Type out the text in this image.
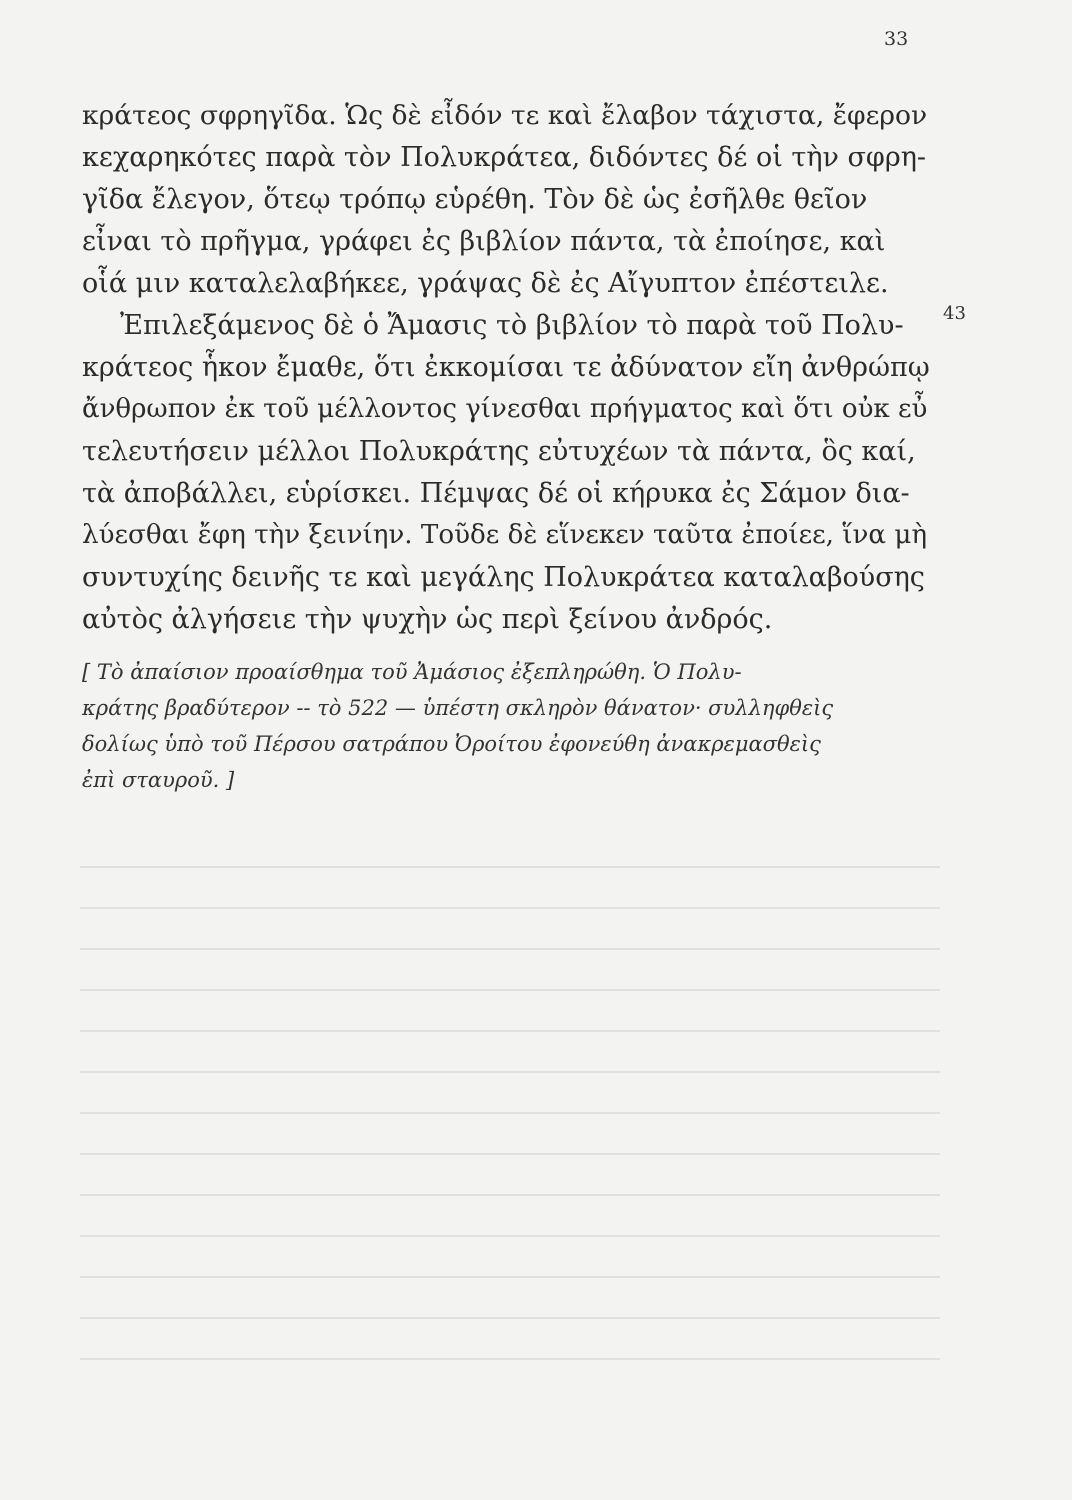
33
43
κράτεος σφρηγῖδα. Ὡς δὲ εἶδόν τε καὶ ἔλαβον τάχιστα, ἔφερον
κεχαρηκότες παρὰ τὸν Πολυκράτεα, διδόντες δέ οἱ τὴν σφρη-
γῖδα ἔλεγον, ὅτεῳ τρόπῳ εὑρέθη. Τὸν δὲ ὡς ἐσῆλθε θεῖον
εἶναι τὸ πρῆγμα, γράφει ἐς βιβλίον πάντα, τὰ ἐποίησε, καὶ
οἷά μιν καταλελαβήκεε, γράψας δὲ ἐς Αἴγυπτον ἐπέστειλε.
Ἐπιλεξάμενος δὲ ὁ Ἄμασις τὸ βιβλίον τὸ παρὰ τοῦ Πολυ-
κράτεος ἧκον ἔμαθε, ὅτι ἐκκομίσαι τε ἀδύνατον εἴη ἀνθρώπῳ
ἄνθρωπον ἐκ τοῦ μέλλοντος γίνεσθαι πρήγματος καὶ ὅτι οὐκ εὖ
τελευτήσειν μέλλοι Πολυκράτης εὐτυχέων τὰ πάντα, ὃς καί,
τὰ ἀποβάλλει, εὑρίσκει. Πέμψας δέ οἱ κήρυκα ἐς Σάμον δια-
λύεσθαι ἔφη τὴν ξεινίην. Τοῦδε δὲ εἵνεκεν ταῦτα ἐποίεε, ἵνα μὴ
συντυχίης δεινῆς τε καὶ μεγάλης Πολυκράτεα καταλαβούσης
αὐτὸς ἀλγήσειε τὴν ψυχὴν ὡς περὶ ξείνου ἀνδρός.
[ Τὸ ἀπαίσιον προαίσθημα τοῦ Ἀμάσιος ἐξεπληρώθη. Ὁ Πολυ-
κράτης βραδύτερον -- τὸ 522 — ὑπέστη σκληρὸν θάνατον· συλληφθεὶς
δολίως ὑπὸ τοῦ Πέρσου σατράπου Ὀροίτου ἐφονεύθη ἀνακρεμασθεὶς
ἐπὶ σταυροῦ. ]
